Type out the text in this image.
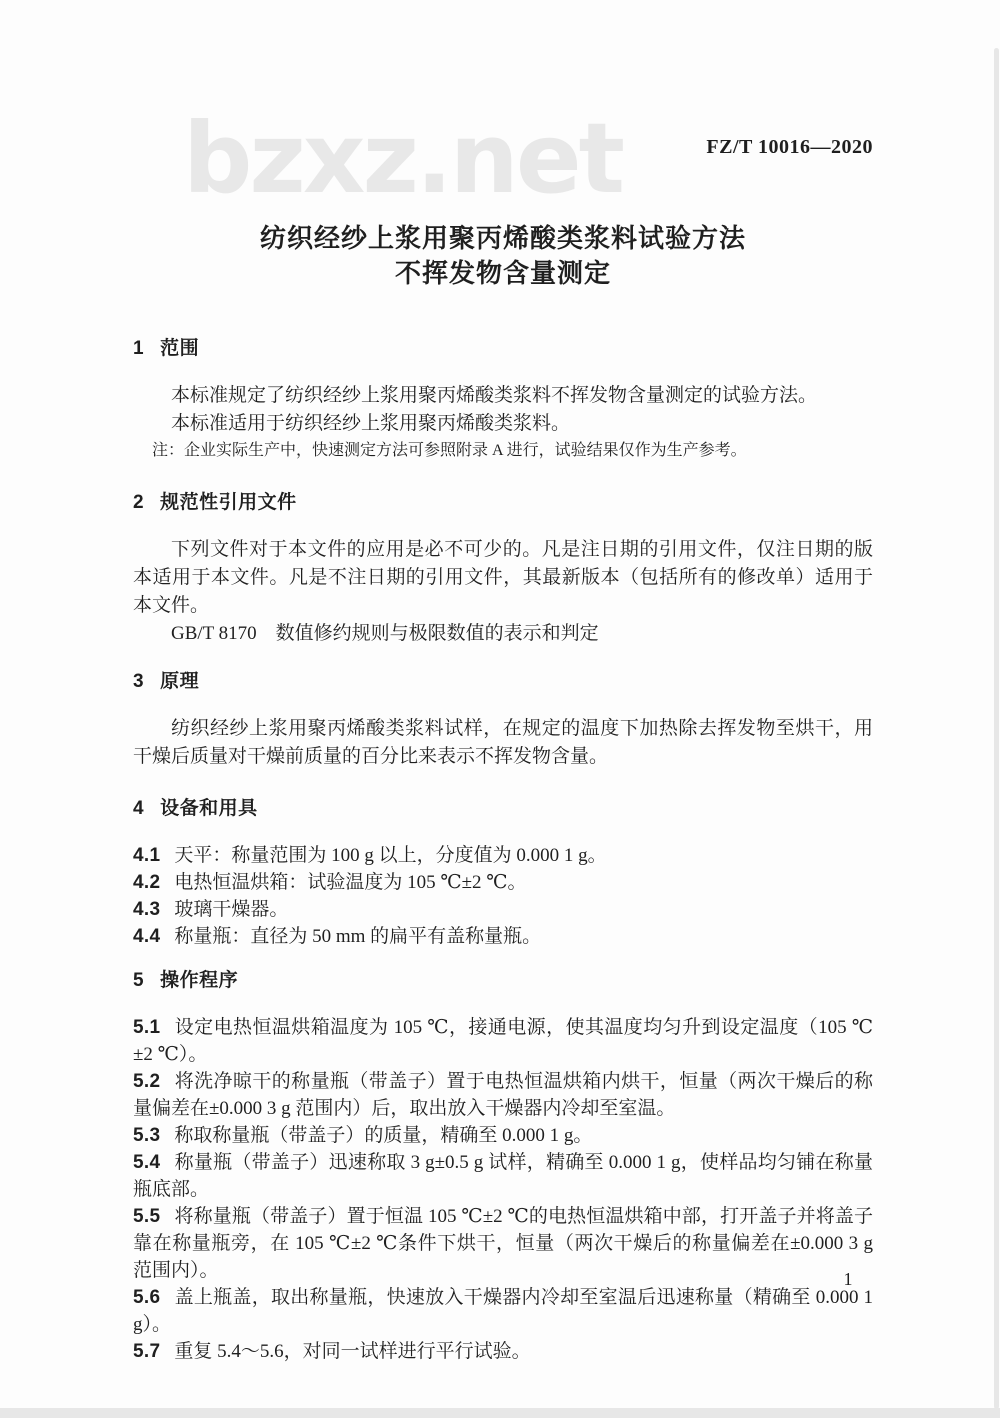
bzxz.net	FZ/T 10016—2020
纺织经纱上浆用聚丙烯酸类浆料试验方法
不挥发物含量测定
1 范围

本标准规定了纺织经纱上浆用聚丙烯酸类浆料不挥发物含量测定的试验方法。

本标准适用于纺织经纱上浆用聚丙烯酸类浆料。

注：企业实际生产中，快速测定方法可参照附录 A 进行，试验结果仅作为生产参考。

2 规范性引用文件

下列文件对于本文件的应用是必不可少的。凡是注日期的引用文件，仅注日期的版本适用于本文件。凡是不注日期的引用文件，其最新版本（包括所有的修改单）适用于本文件。

GB/T 8170　数值修约规则与极限数值的表示和判定

3 原理

纺织经纱上浆用聚丙烯酸类浆料试样，在规定的温度下加热除去挥发物至烘干，用干燥后质量对干燥前质量的百分比来表示不挥发物含量。

4 设备和用具

4.1 天平：称量范围为 100 g 以上，分度值为 0.000 1 g。

4.2 电热恒温烘箱：试验温度为 105 ℃±2 ℃。

4.3 玻璃干燥器。

4.4 称量瓶：直径为 50 mm 的扁平有盖称量瓶。

5 操作程序

5.1 设定电热恒温烘箱温度为 105 ℃，接通电源，使其温度均匀升到设定温度（105 ℃±2 ℃）。

5.2 将洗净晾干的称量瓶（带盖子）置于电热恒温烘箱内烘干，恒量（两次干燥后的称量偏差在±0.000 3 g 范围内）后，取出放入干燥器内冷却至室温。

5.3 称取称量瓶（带盖子）的质量，精确至 0.000 1 g。

5.4 称量瓶（带盖子）迅速称取 3 g±0.5 g 试样，精确至 0.000 1 g，使样品均匀铺在称量瓶底部。

5.5 将称量瓶（带盖子）置于恒温 105 ℃±2 ℃的电热恒温烘箱中部，打开盖子并将盖子靠在称量瓶旁，在 105 ℃±2 ℃条件下烘干，恒量（两次干燥后的称量偏差在±0.000 3 g 范围内）。

5.6 盖上瓶盖，取出称量瓶，快速放入干燥器内冷却至室温后迅速称量（精确至 0.000 1 g）。

5.7 重复 5.4～5.6，对同一试样进行平行试验。

1
